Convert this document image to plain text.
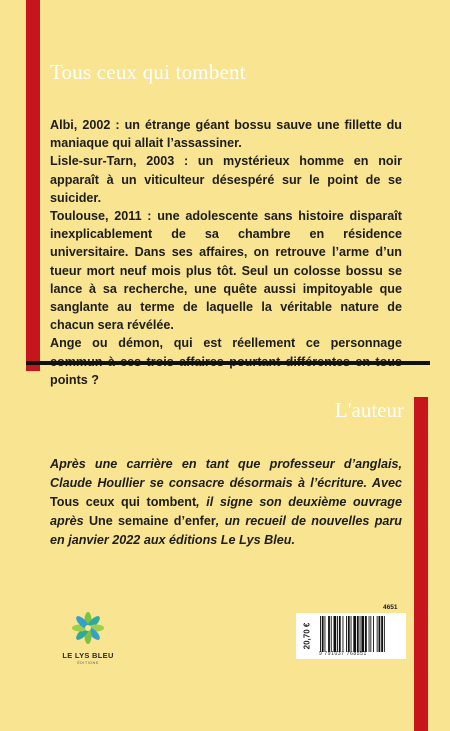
Tous ceux qui tombent

Albi, 2002 : un étrange géant bossu sauve une fillette du maniaque qui allait l’assassiner.

Lisle-sur-Tarn, 2003 : un mystérieux homme en noir apparaît à un viticulteur désespéré sur le point de se suicider.

Toulouse, 2011 : une adolescente sans histoire disparaît inexplicablement de sa chambre en résidence universitaire. Dans ses affaires, on retrouve l’arme d’un tueur mort neuf mois plus tôt. Seul un colosse bossu se lance à sa recherche, une quête aussi impitoyable que sanglante au terme de laquelle la véritable nature de chacun sera révélée.

Ange ou démon, qui est réellement ce personnage points ?

L'auteur
Après une carrière en tant que professeur d’anglais, Claude Houllier se consacre désormais à l’écriture. Avec Tous ceux qui tombent, il signe son deuxième ouvrage après Une semaine d’enfer, un recueil de nouvelles paru en janvier 2022 aux éditions Le Lys Bleu.
LE LYS BLEU
ÉDITIONS
4651
20,70 €
9 791037 768551
